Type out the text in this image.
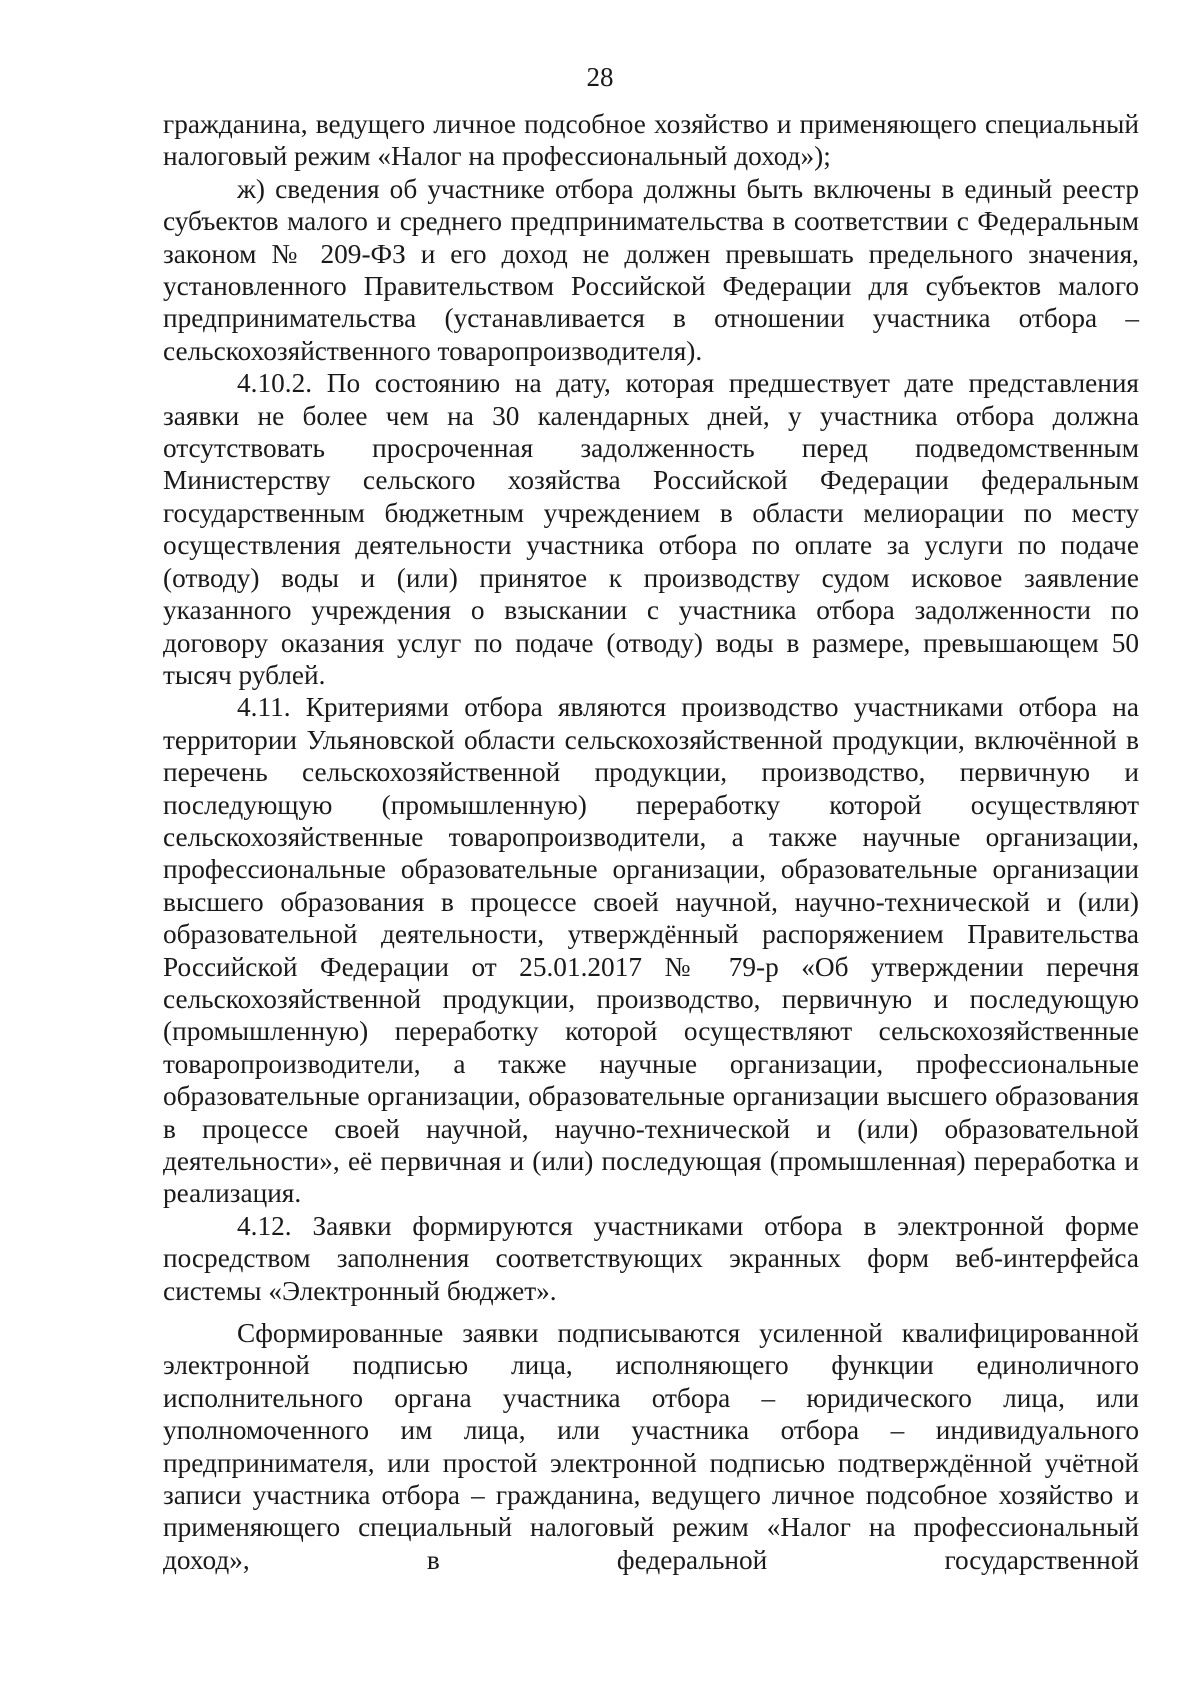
28

гражданина, ведущего личное подсобное хозяйство и применяющего специальный налоговый режим «Налог на профессиональный доход»);

ж) сведения об участнике отбора должны быть включены в единый реестр субъектов малого и среднего предпринимательства в соответствии с Федеральным законом № 209-ФЗ и его доход не должен превышать предельного значения, установленного Правительством Российской Федерации для субъектов малого предпринимательства (устанавливается в отношении участника отбора – сельскохозяйственного товаропроизводителя).

4.10.2. По состоянию на дату, которая предшествует дате представления заявки не более чем на 30 календарных дней, у участника отбора должна отсутствовать просроченная задолженность перед подведомственным Министерству сельского хозяйства Российской Федерации федеральным государственным бюджетным учреждением в области мелиорации по месту осуществления деятельности участника отбора по оплате за услуги по подаче (отводу) воды и (или) принятое к производству судом исковое заявление указанного учреждения о взыскании с участника отбора задолженности по договору оказания услуг по подаче (отводу) воды в размере, превышающем 50 тысяч рублей.

4.11. Критериями отбора являются производство участниками отбора на территории Ульяновской области сельскохозяйственной продукции, включённой в перечень сельскохозяйственной продукции, производство, первичную и последующую (промышленную) переработку которой осуществляют сельскохозяйственные товаропроизводители, а также научные организации, профессиональные образовательные организации, образовательные организации высшего образования в процессе своей научной, научно-технической и (или) образовательной деятельности, утверждённый распоряжением Правительства Российской Федерации от 25.01.2017 № 79-р «Об утверждении перечня сельскохозяйственной продукции, производство, первичную и последующую (промышленную) переработку которой осуществляют сельскохозяйственные товаропроизводители, а также научные организации, профессиональные образовательные организации, образовательные организации высшего образования в процессе своей научной, научно-технической и (или) образовательной деятельности», её первичная и (или) последующая (промышленная) переработка и реализация.

4.12. Заявки формируются участниками отбора в электронной форме посредством заполнения соответствующих экранных форм веб-интерфейса системы «Электронный бюджет».

Сформированные заявки подписываются усиленной квалифицированной электронной подписью лица, исполняющего функции единоличного исполнительного органа участника отбора – юридического лица, или уполномоченного им лица, или участника отбора – индивидуального предпринимателя, или простой электронной подписью подтверждённой учётной записи участника отбора – гражданина, ведущего личное подсобное хозяйство и применяющего специальный налоговый режим «Налог на профессиональный доход», в федеральной государственной
